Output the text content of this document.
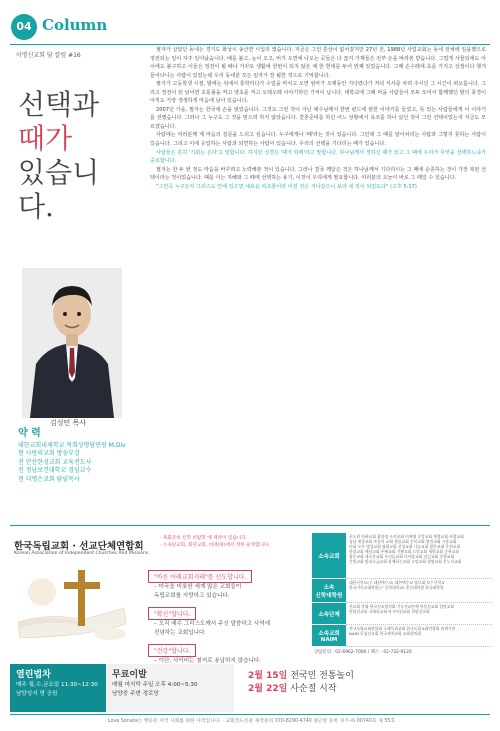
04 Column
이명신교회 담 칼럼 #16
선택과
때가
있습니다.
김성민 목사
약 력
대한교회내체학교 목회상형담연원 M.Div
현 사랑의교회 방송부장
전 안산한성교회 교육전도사
전 청남보건대학교 경임교수
현 더명은교회 담임목사

필자가 살았던 동네는 경기도 화성시 송산면 시입리 였습니다. 지금은 그런 흔상이 없어졌지만 27년 전, 1988년 사업교회는 동네 전체에 일을했으로 정전되는 일이 자주 일어났습니다. 배를 불고, 눈이 오고, 비가 오면에 나오는 곳들은 다 끊겨 가계들은 전부 손을 바라본 받습니다. 그럴게 사물되에도 아이에도 불구하고 이들은 정전이 될 때나 거꾸로 생활에 한번이 되지 않은 채 한 흰대를 두어 번째 있었습니다. 그때 손수레에 초를 가지고 상점이다 챙겨 들어다니는 사람이 있었는데 우리 동네분 모든 임자가 잘 될한 것으로 기억합니다.

필자가 고등학생 시절, 밤에는 뒤에서 통학하다가 수업을 마치고 오면 엄마가 오랫동안 기다렸다가 저녁 식사를 차려 주시던 그 시간이 떠오릅니다. 그리고 정전이 된 날이면 호롱불을 켜고 양초를 켜고 오래오래 이야기하던 기억이 납니다. 대학교에 그때 마을 사람들이 모두 모여서 함께했던 밤의 풍경이 아직도 가장 생생하게 마음에 남아 있습니다.

2007년 가을, 필자는 한국에 손을 얹었습니다. 그것도 그런 것이 아닌 예수님께서 한번 펀드에 관한 이야기를 들었고, 뜻 있는 사람들에게 이 이야기를 전했습니다. 그러나 그 누구도 그 것을 믿으려 하지 않았습니다. 결혼준비를 하던 어느 상황에서 욕조를 하나 샀던 것이 그런 선택이었는지 지금도 모르겠습니다.

사람에는 여러분께 제 마음의 질문을 드리고 싶습니다. 누구에게나 '때'라는 것이 있습니다. 그런데 그 때를 알아차리는 사람과 그렇지 못하는 사람이 있습니다. 그리고 이에 응답하는 사람과 외면하는 사람이 있습니다. 우리의 선택을 기다리는 때가 있습니다.

사람들은 흔히 '기회는 온다'고 말합니다. 하지만 성경은 '때가 되매'라고 말합니다. 하나님께서 정하신 때가 있고 그 때에 우리가 무엇을 선택하느냐가 중요합니다.

필자는 한 두 번 정도 마음을 바꾸려고 노력해본 적이 있습니다. 그러나 결국 깨달은 것은 하나님께서 기다리시는 그 때에 순종하는 것이 가장 복된 선택이라는 것이었습니다. 때를 아는 지혜와 그 때에 선택하는 용기, 이것이 우리에게 필요합니다. 여러분의 오늘이 바로 그 때일 수 있습니다.

"그런즉 누구든지 그리스도 안에 있으면 새로운 피조물이라 이전 것은 지나갔으니 보라 새 것이 되었도다" (고후 5:17)

한국독립교회 · 선교단체연합회
Korean Association of Independent Churches And Missions
· 목회준비 신학 비탐학 에 제약이 있습니다.
· 소속단교회, 회단교회, 비대(위)에서 정한 운영합니다.
"바른 어래교회지래"를 선도합니다.
– 미국을 비롯한 세계 많은 교회들이
독립교회를 지향하고 있습니다.
"확신"합니다.
– 오직 예수 그리스도께서 주신 말씀하고 사역에
전념하는 교회입니다.
"건강"합니다.
– 이단, 사이비는 철저로 용납하지 않습니다.
소속교회
포도원 아하교회 광과명 우리교회 이에명 중앙교회 예경교회 사랑교회
성남 새상교회 복음의 교회 샘물교회 순복교회 열린교회 시흥교회
이화 모두 명성교회 평화교회 산성교회 나눔교회 밝은교회 온천교회
한결교회 예심교회 은혜교회 기쁨교회 드림교회 새빛교회 순천교회
영은교회 새로운교회 우리들교회 다사랑교회 섬김교회 동행교회
큰빛교회 빛과소금교회 함께하는교회 소망교회 생명교회 온누리교회
소속
신학대학원
대한신학교(구 대한예수교) 대한예수교 장로회 보수신학교
한국기독교대학원(구 신학대학교) 총신대학원 한국대학원
소속단체
선교회 총회 한국선교협의회 기독선교단체 복음선교회 한빛교회
연합선교회 국제선교회 아시아선교회 희망선교회
소속교회
NAIM
전국독립교회연합회 국제독립교회 한국독립교회연합회 관계기관
NAIM 독립선교회 한국개혁교회 교회협의회
상담문의 : 02-6962-7000 / 팩스 : 02-722-9120
열린법차
매주 월,수,금요일 11:30~12:30
남양성지 명 공원
무료이발
매월 마지막 주일 오후 4:00~5:30
남양중 주변 경로당
2월 15일 전국민 전통놀이
2월 22일 사순절 시작
· Love Sonata는 행동된 지역 사회를 위한 사역입니다. · 교회전도신문 제작문의 070-8290-4740 절근항 등록 경기-하 00740호 제 55호
